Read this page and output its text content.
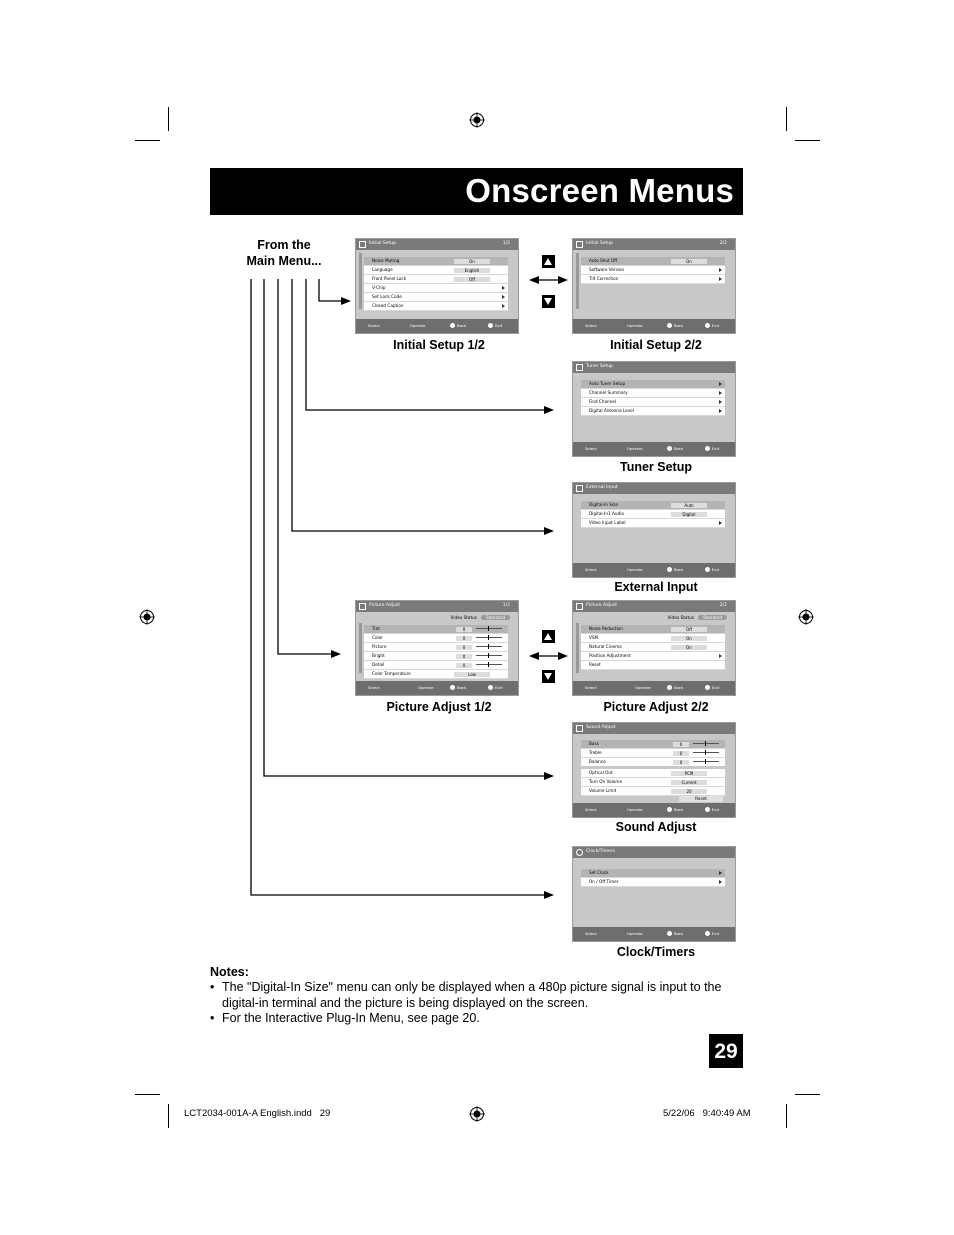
Onscreen Menus
From the
Main Menu...
Initial Setup	1/2
Noise Muting	On
Language	English
Front Panel Lock	Off
V-Chip
Set Lock Code
Closed Caption
Select	Operate	Back	Exit
Initial Setup 1/2
Initial Setup	2/2
Auto Shut Off	On
Software Version
Tilt Correction
Select	Operate	Back	Exit
Initial Setup 2/2
Tuner Setup
Auto Tuner Setup
Channel Summary
Find Channel
Digital Antenna Level
Select	Operate	Back	Exit
Tuner Setup
External Input
Digital-In Size	Auto
Digital-In1 Audio	Digital
Video Input Label
Select	Operate	Back	Exit
External Input
Picture Adjust	1/2
Video Status Standard
Tint	0
Color	0
Picture	0
Bright	0
Detail	0
Color Temperature	Low
Select	Operate	Back	Exit
Picture Adjust 1/2
Picture Adjust	2/2
Video Status Standard
Noise Reduction	Off
VSM	On
Natural Cinema	On
Position Adjustment
Reset
Select	Operate	Back	Exit
Picture Adjust 2/2
Sound Adjust
Bass	0
Treble	0
Balance	0
Optical Out	PCM
Turn On Volume	Current
Volume Limit	20
Reset
Select	Operate	Back	Exit
Sound Adjust
Clock/Timers
Set Clock
On / Off Timer
Select	Operate	Back	Exit
Clock/Timers
Notes:
• The "Digital-In Size" menu can only be displayed when a 480p picture signal is input to the digital-in terminal and the picture is being displayed on the screen.
• For the Interactive Plug-In Menu, see page 20.
29
LCT2034-001A-A English.indd   29	5/22/06   9:40:49 AM
